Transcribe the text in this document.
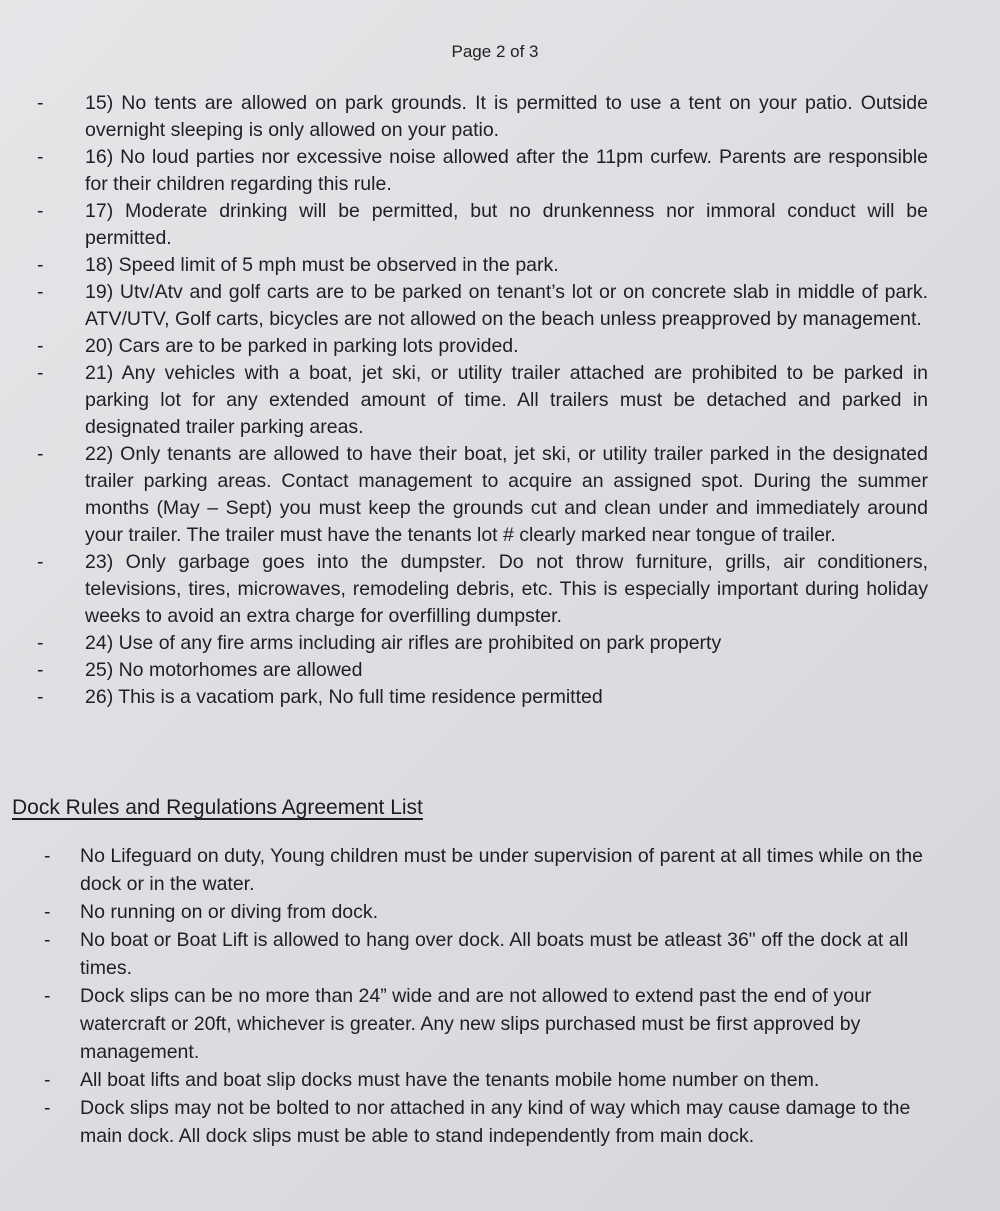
Page 2 of 3

- 15) No tents are allowed on park grounds. It is permitted to use a tent on your patio. Outside overnight sleeping is only allowed on your patio.

- 16) No loud parties nor excessive noise allowed after the 11pm curfew. Parents are responsible for their children regarding this rule.

- 17) Moderate drinking will be permitted, but no drunkenness nor immoral conduct will be permitted.

- 18) Speed limit of 5 mph must be observed in the park.

- 19) Utv/Atv and golf carts are to be parked on tenant’s lot or on concrete slab in middle of park. ATV/UTV, Golf carts, bicycles are not allowed on the beach unless preapproved by management.

- 20) Cars are to be parked in parking lots provided.

- 21) Any vehicles with a boat, jet ski, or utility trailer attached are prohibited to be parked in parking lot for any extended amount of time. All trailers must be detached and parked in designated trailer parking areas.

- 22) Only tenants are allowed to have their boat, jet ski, or utility trailer parked in the designated trailer parking areas. Contact management to acquire an assigned spot. During the summer months (May – Sept) you must keep the grounds cut and clean under and immediately around your trailer. The trailer must have the tenants lot # clearly marked near tongue of trailer.

- 23) Only garbage goes into the dumpster. Do not throw furniture, grills, air conditioners, televisions, tires, microwaves, remodeling debris, etc. This is especially important during holiday weeks to avoid an extra charge for overfilling dumpster.

- 24) Use of any fire arms including air rifles are prohibited on park property

- 25) No motorhomes are allowed

- 26) This is a vacatiom park, No full time residence permitted

Dock Rules and Regulations Agreement List

- No Lifeguard on duty, Young children must be under supervision of parent at all times while on the dock or in the water.

- No running on or diving from dock.

- No boat or Boat Lift is allowed to hang over dock. All boats must be atleast 36" off the dock at all times.

- Dock slips can be no more than 24” wide and are not allowed to extend past the end of your watercraft or 20ft, whichever is greater. Any new slips purchased must be first approved by management.

- All boat lifts and boat slip docks must have the tenants mobile home number on them.

- Dock slips may not be bolted to nor attached in any kind of way which may cause damage to the main dock. All dock slips must be able to stand independently from main dock.
